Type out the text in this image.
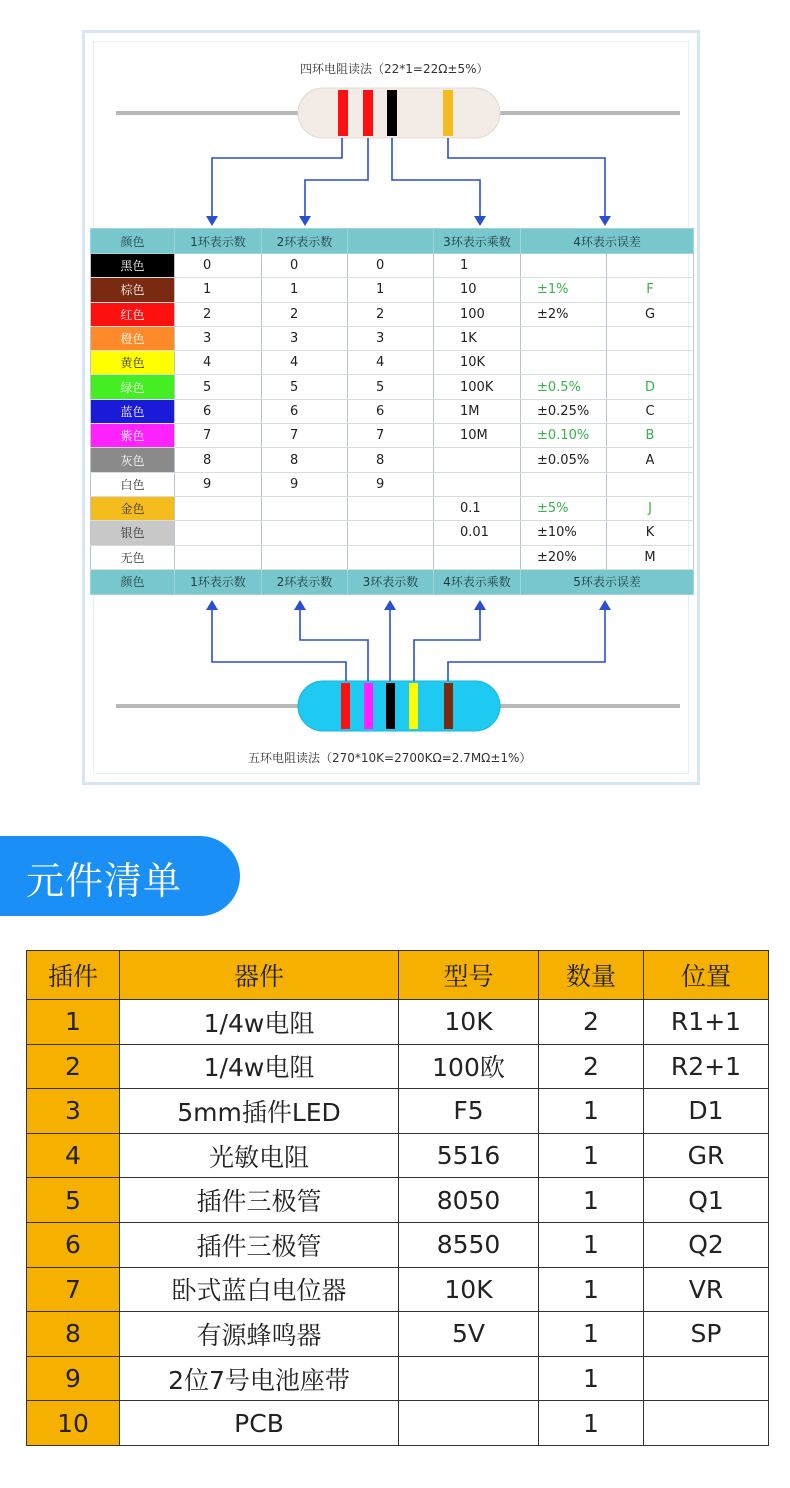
四环电阻读法（22*1=22Ω±5%）
五环电阻读法（270*10K=2700KΩ=2.7MΩ±1%）
颜色	1环表示数	2环表示数		3环表示乘数	4环表示误差	
黑色	0	0	0	1		
棕色	1	1	1	10	±1%	F
红色	2	2	2	100	±2%	G
橙色	3	3	3	1K		
黄色	4	4	4	10K		
绿色	5	5	5	100K	±0.5%	D
蓝色	6	6	6	1M	±0.25%	C
紫色	7	7	7	10M	±0.10%	B
灰色	8	8	8		±0.05%	A
白色	9	9	9			
金色				0.1	±5%	J
银色				0.01	±10%	K
无色					±20%	M
颜色	1环表示数	2环表示数	3环表示数	4环表示乘数	5环表示误差	
元件清单
插件	器件	型号	数量	位置
1	1/4w电阻	10K	2	R1+1
2	1/4w电阻	100欧	2	R2+1
3	5mm插件LED	F5	1	D1
4	光敏电阻	5516	1	GR
5	插件三极管	8050	1	Q1
6	插件三极管	8550	1	Q2
7	卧式蓝白电位器	10K	1	VR
8	有源蜂鸣器	5V	1	SP
9	2位7号电池座带		1	
10	PCB		1	
